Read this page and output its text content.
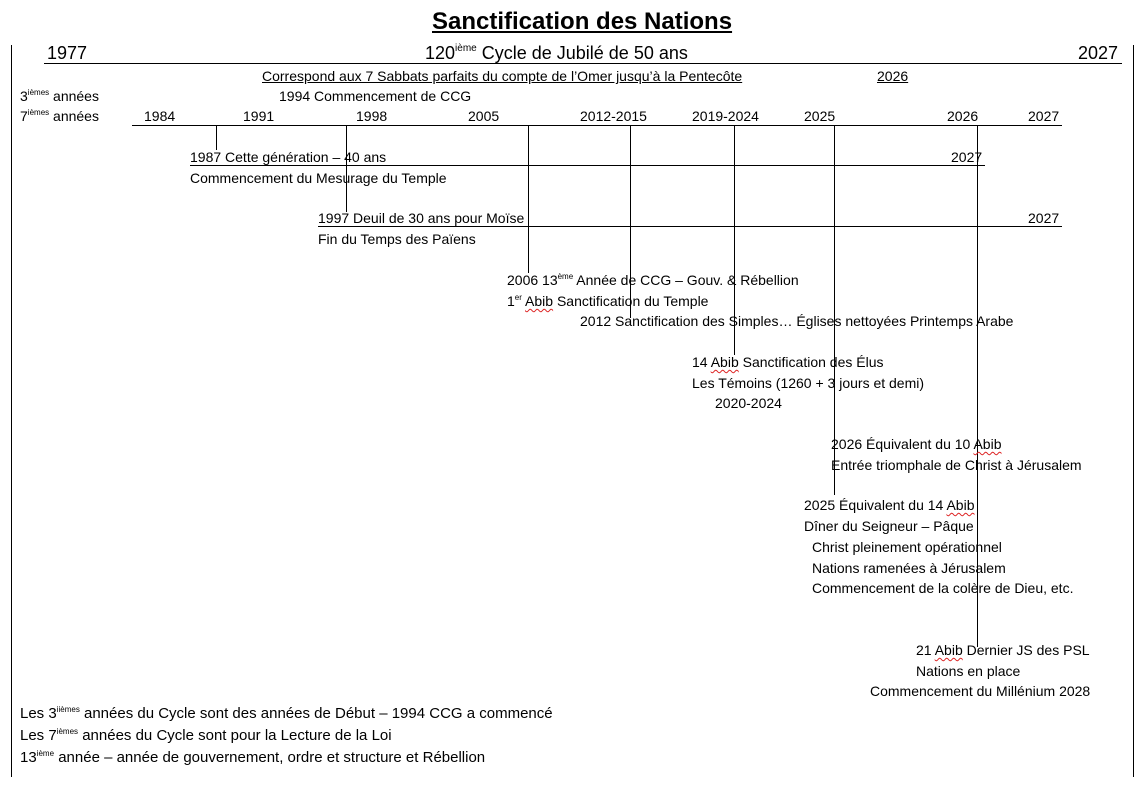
Sanctification des Nations
1977	120ième Cycle de Jubilé de 50 ans	2027
Correspond aux 7 Sabbats parfaits du compte de l’Omer jusqu’à la Pentecôte	2026
$3^{ièmes}$ années	1994 Commencement de CCG
$7^{ièmes}$ années	1984	1991	1998	2005	2012-2015	2019-2024	2025	2026	2027
1987 Cette génération – 40 ans	2027
Commencement du Mesurage du Temple
1997 Deuil de 30 ans pour Moïse	2027
Fin du Temps des Païens
2006 13ème Année de CCG – Gouv. & Rébellion
1er Abib Sanctification du Temple
2012 Sanctification des Simples… Églises nettoyées Printemps Arabe
14 Abib Sanctification des Élus
Les Témoins (1260 + 3 jours et demi)
2020-2024
2026 Équivalent du 10 Abib
Entrée triomphale de Christ à Jérusalem
2025 Équivalent du 14 Abib
Dîner du Seigneur – Pâque
Christ pleinement opérationnel
Nations ramenées à Jérusalem
Commencement de la colère de Dieu, etc.
21 Abib Dernier JS des PSL
Nations en place
Commencement du Millénium 2028
Les $3^{iièmes}$ années du Cycle sont des années de Début – 1994 CCG a commencé
Les $7^{ièmes}$ années du Cycle sont pour la Lecture de la Loi
13ième année – année de gouvernement, ordre et structure et Rébellion
